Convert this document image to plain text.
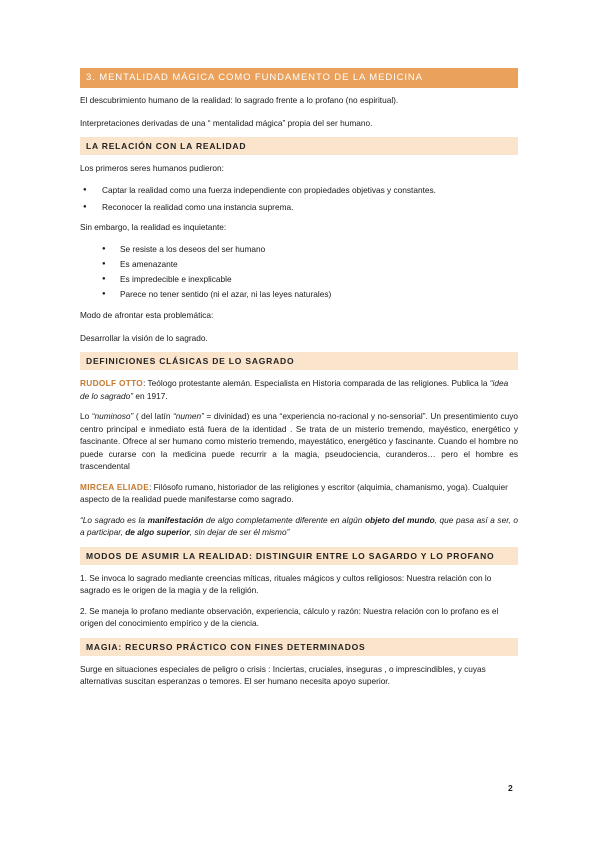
3. MENTALIDAD MÁGICA COMO FUNDAMENTO DE LA MEDICINA

El descubrimiento humano de la realidad: lo sagrado frente a lo profano (no espiritual).

Interpretaciones derivadas de una “ mentalidad mágica” propia del ser humano.

LA RELACIÓN CON LA REALIDAD

Los primeros seres humanos pudieron:

● Captar la realidad como una fuerza independiente con propiedades objetivas y constantes.
● Reconocer la realidad como una instancia suprema.

Sin embargo, la realidad es inquietante:

● Se resiste a los deseos del ser humano
● Es amenazante
● Es impredecible e inexplicable
● Parece no tener sentido (ni el azar, ni las leyes naturales)

Modo de afrontar esta problemática:

Desarrollar la visión de lo sagrado.

DEFINICIONES CLÁSICAS DE LO SAGRADO

RUDOLF OTTO: Teólogo protestante alemán. Especialista en Historia comparada de las religiones. Publica la “idea de lo sagrado” en 1917.

Lo “numinoso” ( del latín “numen” = divinidad) es una “experiencia no-racional y no-sensorial”. Un presentimiento cuyo centro principal e inmediato está fuera de la identidad . Se trata de un misterio tremendo, mayéstico, energético y fascinante. Ofrece al ser humano como misterio tremendo, mayestático, energético y fascinante. Cuando el hombre no puede curarse con la medicina puede recurrir a la magia, pseudociencia, curanderos… pero el hombre es trascendental

MIRCEA ELIADE: Filósofo rumano, historiador de las religiones y escritor (alquimia, chamanismo, yoga). Cualquier aspecto de la realidad puede manifestarse como sagrado.

“Lo sagrado es la manifestación de algo completamente diferente en algún objeto del mundo, que pasa así a ser, o a participar, de algo superior, sin dejar de ser él mismo”

MODOS DE ASUMIR LA REALIDAD: DISTINGUIR ENTRE LO SAGARDO Y LO PROFANO

1. Se invoca lo sagrado mediante creencias míticas, rituales mágicos y cultos religiosos: Nuestra relación con lo sagrado es le origen de la magia y de la religión.

2. Se maneja lo profano mediante observación, experiencia, cálculo y razón: Nuestra relación con lo profano es el origen del conocimiento empírico y de la ciencia.

MAGIA: RECURSO PRÁCTICO CON FINES DETERMINADOS

Surge en situaciones especiales de peligro o crisis : Inciertas, cruciales, inseguras , o imprescindibles, y cuyas alternativas suscitan esperanzas o temores. El ser humano necesita apoyo superior.

2
